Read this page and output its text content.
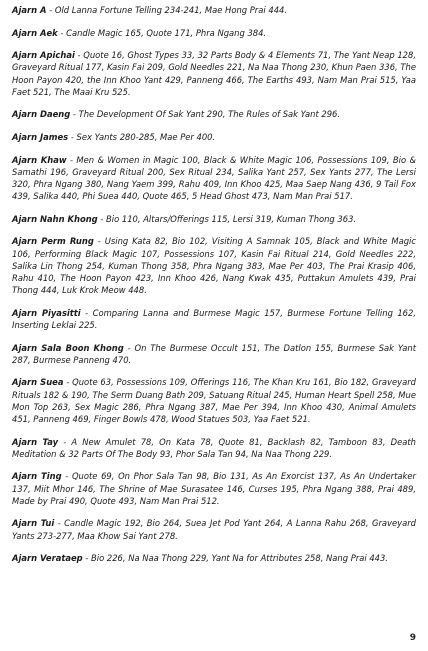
Ajarn A - Old Lanna Fortune Telling 234-241, Mae Hong Prai 444.

Ajarn Aek - Candle Magic 165, Quote 171, Phra Ngang 384.

Ajarn Apichai - Quote 16, Ghost Types 33, 32 Parts Body & 4 Elements 71, The Yant Neap 128, Graveyard Ritual 177, Kasin Fai 209, Gold Needles 221, Na Naa Thong 230, Khun Paen 336, The Hoon Payon 420, the Inn Khoo Yant 429, Panneng 466, The Earths 493, Nam Man Prai 515, Yaa Faet 521, The Maai Kru 525.

Ajarn Daeng - The Development Of Sak Yant 290, The Rules of Sak Yant 296.

Ajarn James - Sex Yants 280-285, Mae Per 400.

Ajarn Khaw - Men & Women in Magic 100, Black & White Magic 106, Possessions 109, Bio & Samathi 196, Graveyard Ritual 200, Sex Ritual 234, Salika Yant 257, Sex Yants 277, The Lersi 320, Phra Ngang 380, Nang Yaem 399, Rahu 409, Inn Khoo 425, Maa Saep Nang 436, 9 Tail Fox 439, Salika 440, Phi Suea 440, Quote 465, 5 Head Ghost 473, Nam Man Prai 517.

Ajarn Nahn Khong - Bio 110, Altars/Offerings 115, Lersi 319, Kuman Thong 363.

Ajarn Perm Rung - Using Kata 82, Bio 102, Visiting A Samnak 105, Black and White Magic 106, Performing Black Magic 107, Possessions 107, Kasin Fai Ritual 214, Gold Needles 222, Salika Lin Thong 254, Kuman Thong 358, Phra Ngang 383, Mae Per 403, The Prai Krasip 406, Rahu 410, The Hoon Payon 423, Inn Khoo 426, Nang Kwak 435, Puttakun Amulets 439, Prai Thong 444, Luk Krok Meow 448.

Ajarn Piyasitti - Comparing Lanna and Burmese Magic 157, Burmese Fortune Telling 162, Inserting Leklai 225.

Ajarn Sala Boon Khong - On The Burmese Occult 151, The Datlon 155, Burmese Sak Yant 287, Burmese Panneng 470.

Ajarn Suea - Quote 63, Possessions 109, Offerings 116, The Khan Kru 161, Bio 182, Graveyard Rituals 182 & 190, The Serm Duang Bath 209, Satuang Ritual 245, Human Heart Spell 258, Mue Mon Top 263, Sex Magic 286, Phra Ngang 387, Mae Per 394, Inn Khoo 430, Animal Amulets 451, Panneng 469, Finger Bowls 478, Wood Statues 503, Yaa Faet 521.

Ajarn Tay - A New Amulet 78, On Kata 78, Quote 81, Backlash 82, Tamboon 83, Death Meditation & 32 Parts Of The Body 93, Phor Sala Tan 94, Na Naa Thong 229.

Ajarn Ting - Quote 69, On Phor Sala Tan 98, Bio 131, As An Exorcist 137, As An Undertaker 137, Miit Mhor 146, The Shrine of Mae Surasatee 146, Curses 195, Phra Ngang 388, Prai 489, Made by Prai 490, Quote 493, Nam Man Prai 512.

Ajarn Tui - Candle Magic 192, Bio 264, Suea Jet Pod Yant 264, A Lanna Rahu 268, Graveyard Yants 273-277, Maa Khow Sai Yant 278.

Ajarn Verataep - Bio 226, Na Naa Thong 229, Yant Na for Attributes 258, Nang Prai 443.

9
